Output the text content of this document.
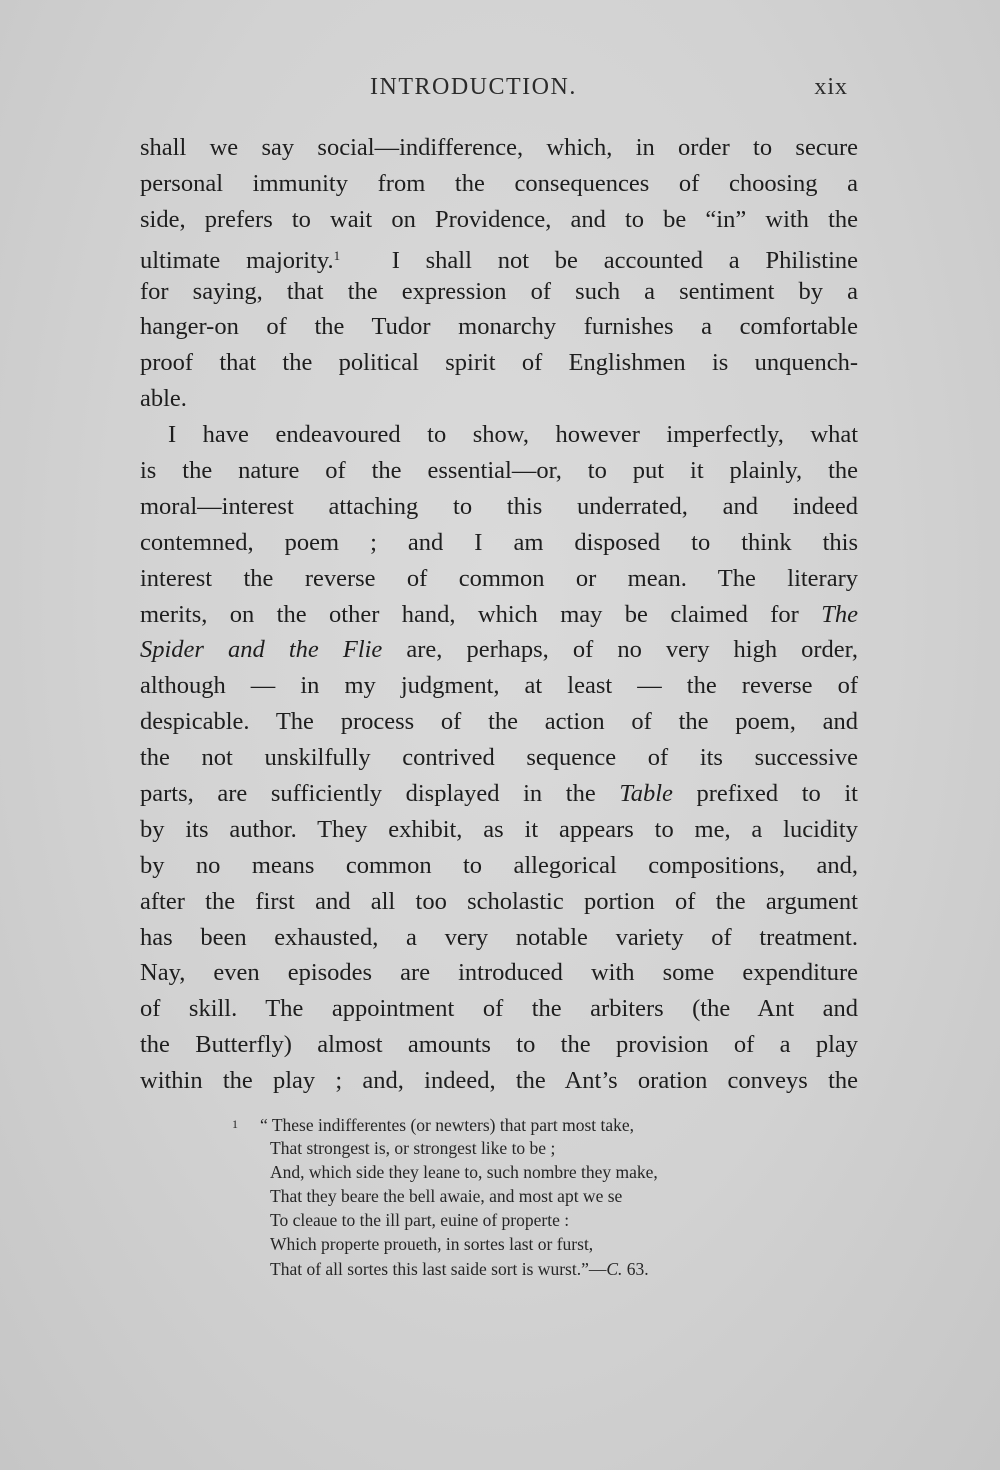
INTRODUCTION.	xix
shall we say social—indifference, which, in order to secure
personal immunity from the consequences of choosing a
side, prefers to wait on Providence, and to be “in” with the
ultimate majority.$^1$ I shall not be accounted a Philistine
for saying, that the expression of such a sentiment by a
hanger-on of the Tudor monarchy furnishes a comfortable
proof that the political spirit of Englishmen is unquench-
able.
I have endeavoured to show, however imperfectly, what
is the nature of the essential—or, to put it plainly, the
moral—interest attaching to this underrated, and indeed
contemned, poem ; and I am disposed to think this
interest the reverse of common or mean. The literary
merits, on the other hand, which may be claimed for The
Spider and the Flie are, perhaps, of no very high order,
although — in my judgment, at least — the reverse of
despicable. The process of the action of the poem, and
the not unskilfully contrived sequence of its successive
parts, are sufficiently displayed in the Table prefixed to it
by its author. They exhibit, as it appears to me, a lucidity
by no means common to allegorical compositions, and,
after the first and all too scholastic portion of the argument
has been exhausted, a very notable variety of treatment.
Nay, even episodes are introduced with some expenditure
of skill. The appointment of the arbiters (the Ant and
the Butterfly) almost amounts to the provision of a play
within the play ; and, indeed, the Ant’s oration conveys the
1 “ These indifferentes (or newters) that part most take,
That strongest is, or strongest like to be ;
And, which side they leane to, such nombre they make,
That they beare the bell awaie, and most apt we se
To cleaue to the ill part, euine of properte :
Which properte proueth, in sortes last or furst,
That of all sortes this last saide sort is wurst.”—C. 63.
